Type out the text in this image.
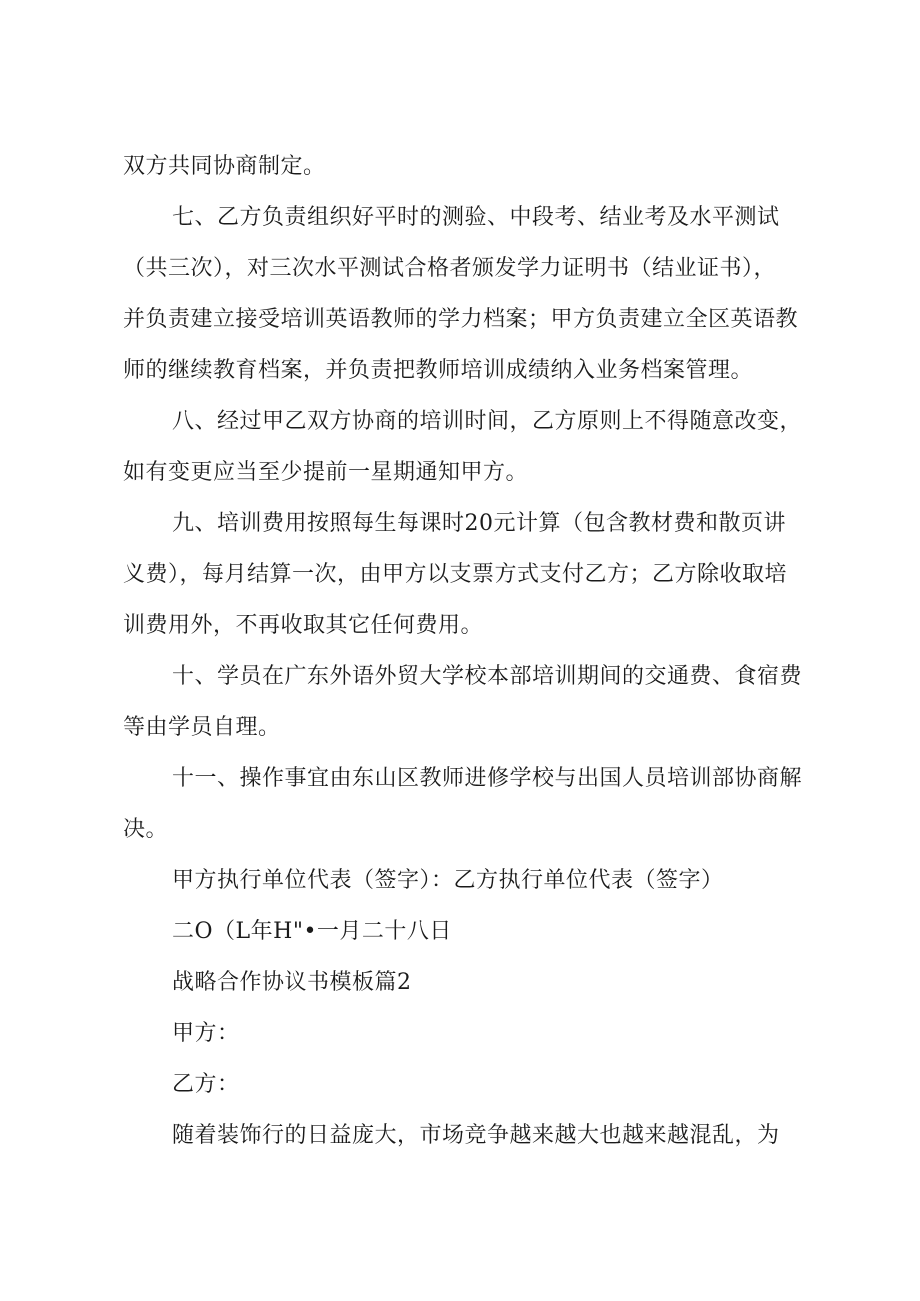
双方共同协商制定。
七、乙方负责组织好平时的测验、中段考、结业考及水平测试
（共三次），对三次水平测试合格者颁发学力证明书（结业证书），
并负责建立接受培训英语教师的学力档案；甲方负责建立全区英语教
师的继续教育档案，并负责把教师培训成绩纳入业务档案管理。
八、经过甲乙双方协商的培训时间，乙方原则上不得随意改变，
如有变更应当至少提前一星期通知甲方。
九、培训费用按照每生每课时20元计算（包含教材费和散页讲
义费），每月结算一次，由甲方以支票方式支付乙方；乙方除收取培
训费用外，不再收取其它任何费用。
十、学员在广东外语外贸大学校本部培训期间的交通费、食宿费
等由学员自理。
十一、操作事宜由东山区教师进修学校与出国人员培训部协商解
决。
甲方执行单位代表（签字）：乙方执行单位代表（签字）
二O（L年H"•一月二十八日
战略合作协议书模板篇2
甲方：
乙方：
随着装饰行的日益庞大，市场竞争越来越大也越来越混乱，为
